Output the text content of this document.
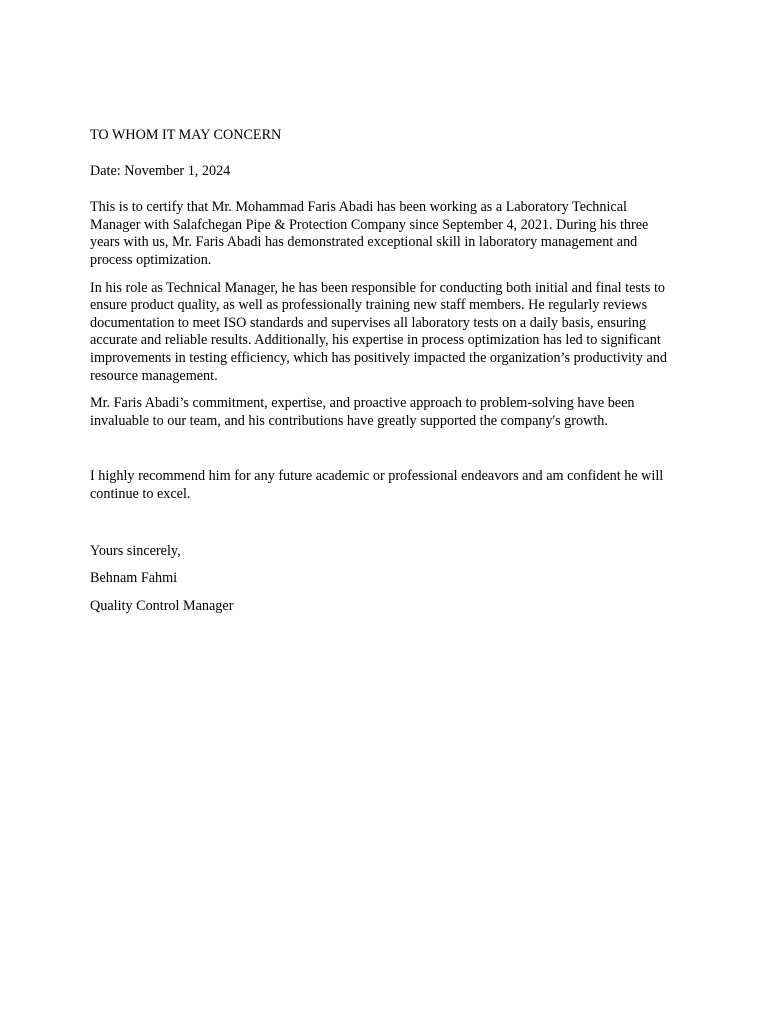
TO WHOM IT MAY CONCERN

Date: November 1, 2024

This is to certify that Mr. Mohammad Faris Abadi has been working as a Laboratory Technical Manager with Salafchegan Pipe & Protection Company since September 4, 2021. During his three years with us, Mr. Faris Abadi has demonstrated exceptional skill in laboratory management and process optimization.

In his role as Technical Manager, he has been responsible for conducting both initial and final tests to ensure product quality, as well as professionally training new staff members. He regularly reviews documentation to meet ISO standards and supervises all laboratory tests on a daily basis, ensuring accurate and reliable results. Additionally, his expertise in process optimization has led to significant improvements in testing efficiency, which has positively impacted the organization’s productivity and resource management.

Mr. Faris Abadi’s commitment, expertise, and proactive approach to problem-solving have been invaluable to our team, and his contributions have greatly supported the company's growth.

I highly recommend him for any future academic or professional endeavors and am confident he will continue to excel.

Yours sincerely,

Behnam Fahmi

Quality Control Manager
